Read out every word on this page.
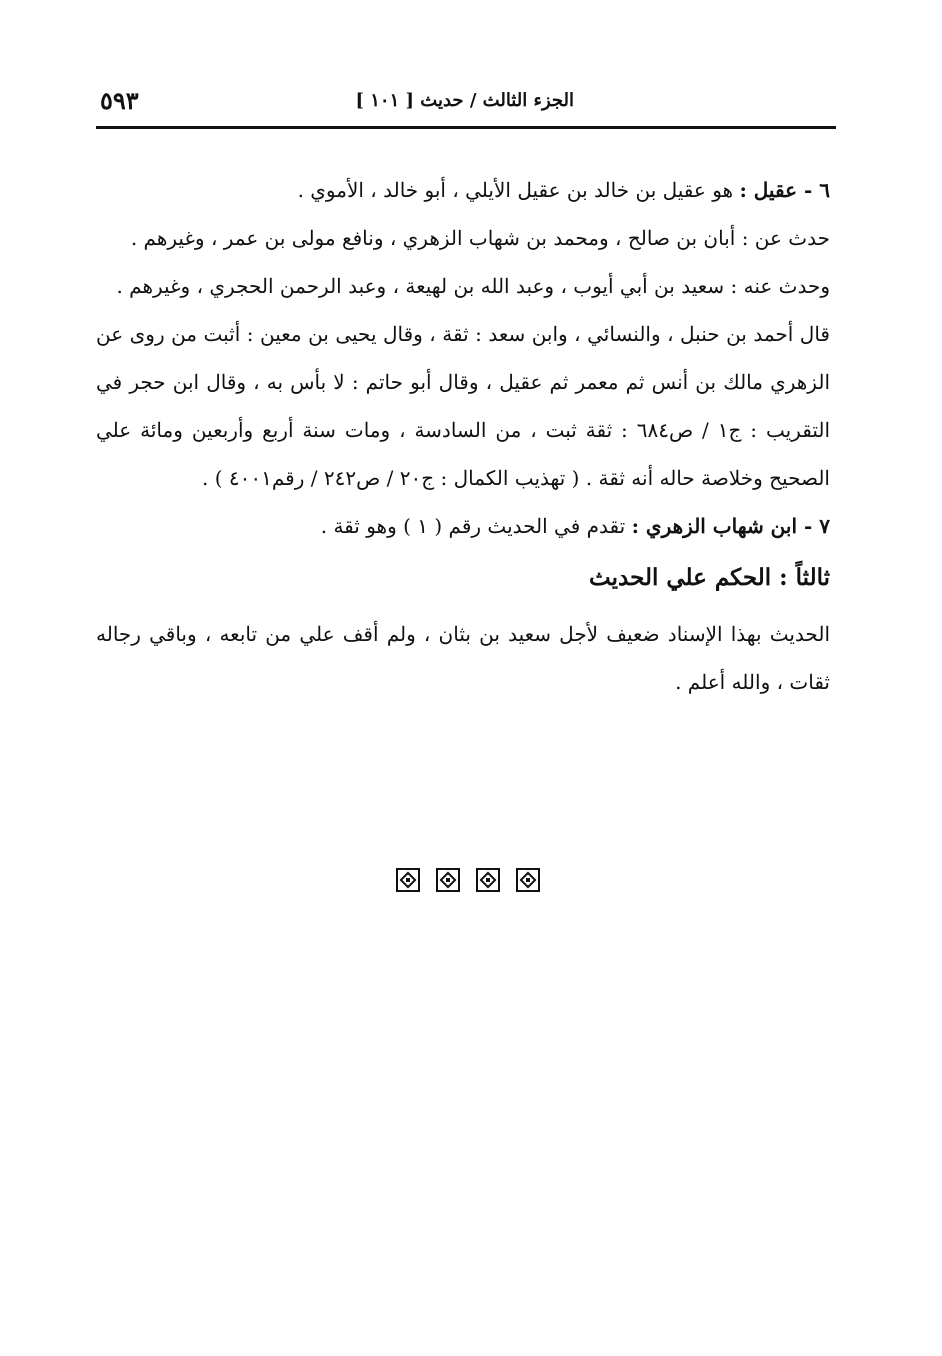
الجزء الثالث / حديث [ ١٠١ ]
٥٩٣

٦ - عقيل : هو عقيل بن خالد بن عقيل الأيلي ، أبو خالد ، الأموي .

حدث عن : أبان بن صالح ، ومحمد بن شهاب الزهري ، ونافع مولى بن عمر ، وغيرهم .

وحدث عنه : سعيد بن أبي أيوب ، وعبد الله بن لهيعة ، وعبد الرحمن الحجري ، وغيرهم .

قال أحمد بن حنبل ، والنسائي ، وابن سعد : ثقة ، وقال يحيى بن معين : أثبت من روى عن الزهري مالك بن أنس ثم معمر ثم عقيل ، وقال أبو حاتم : لا بأس به ، وقال ابن حجر في التقريب : ج١ / ص٦٨٤ : ثقة ثبت ، من السادسة ، ومات سنة أربع وأربعين ومائة علي الصحيح وخلاصة حاله أنه ثقة . ( تهذيب الكمال : ج٢٠ / ص٢٤٢ / رقم٤٠٠١ ) .

٧ - ابن شهاب الزهري : تقدم في الحديث رقم ( ١ ) وهو ثقة .

ثالثاً : الحكم علي الحديث

الحديث بهذا الإسناد ضعيف لأجل سعيد بن بثان ، ولم أقف علي من تابعه ، وباقي رجاله ثقات ، والله أعلم .
